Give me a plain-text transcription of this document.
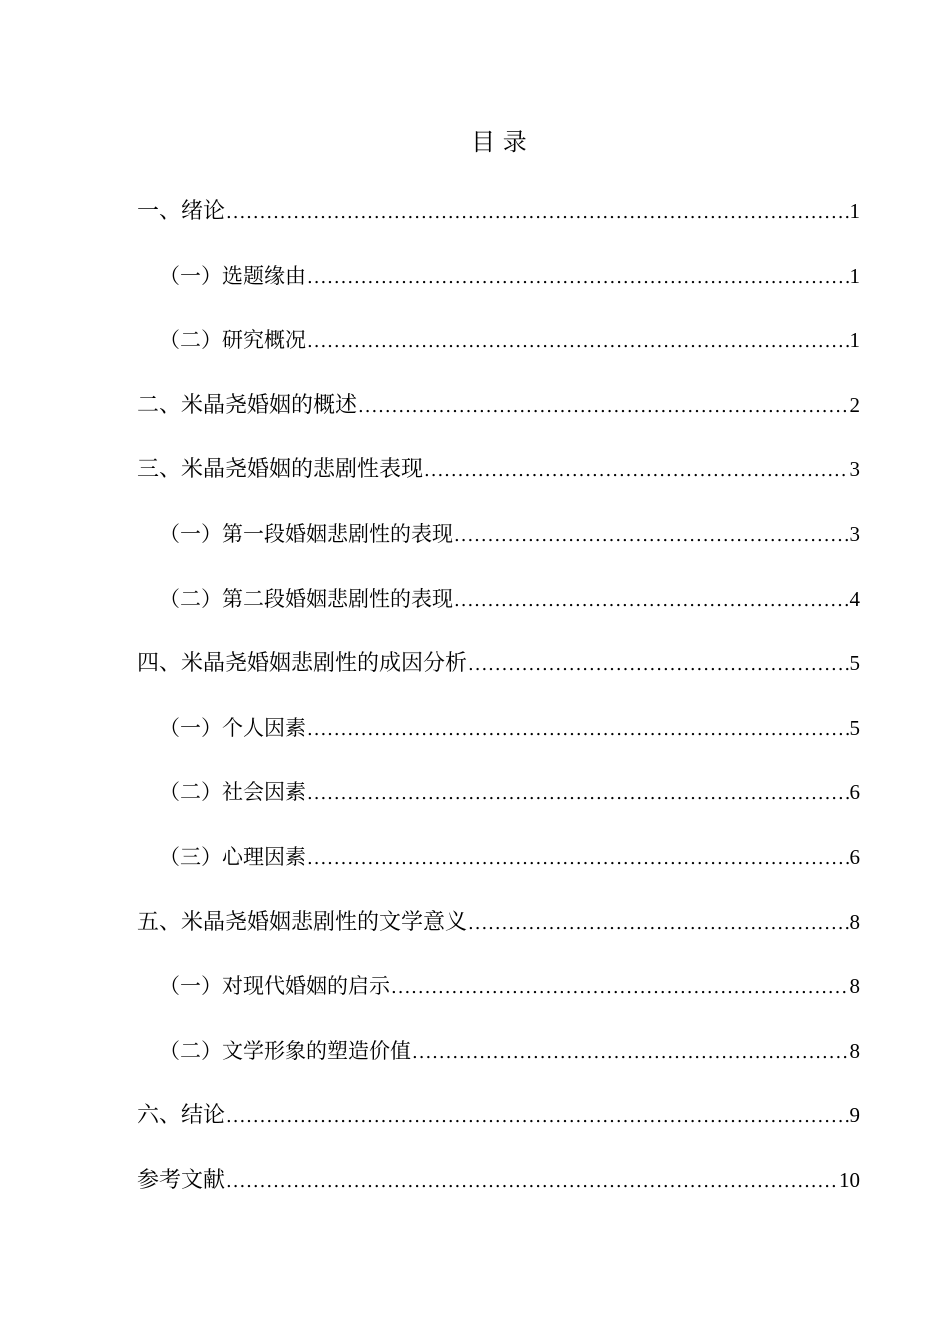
目 录
一、绪论 .....	1
（一）选题缘由 .....	1
（二）研究概况 .....	1
二、米晶尧婚姻的概述 .....	2
三、米晶尧婚姻的悲剧性表现 .....	3
（一）第一段婚姻悲剧性的表现 .....	3
（二）第二段婚姻悲剧性的表现 .....	4
四、米晶尧婚姻悲剧性的成因分析 .....	5
（一）个人因素 .....	5
（二）社会因素 .....	6
（三）心理因素 .....	6
五、米晶尧婚姻悲剧性的文学意义 .....	8
（一）对现代婚姻的启示 .....	8
（二）文学形象的塑造价值 .....	8
六、结论 .....	9
参考文献 .....	10
